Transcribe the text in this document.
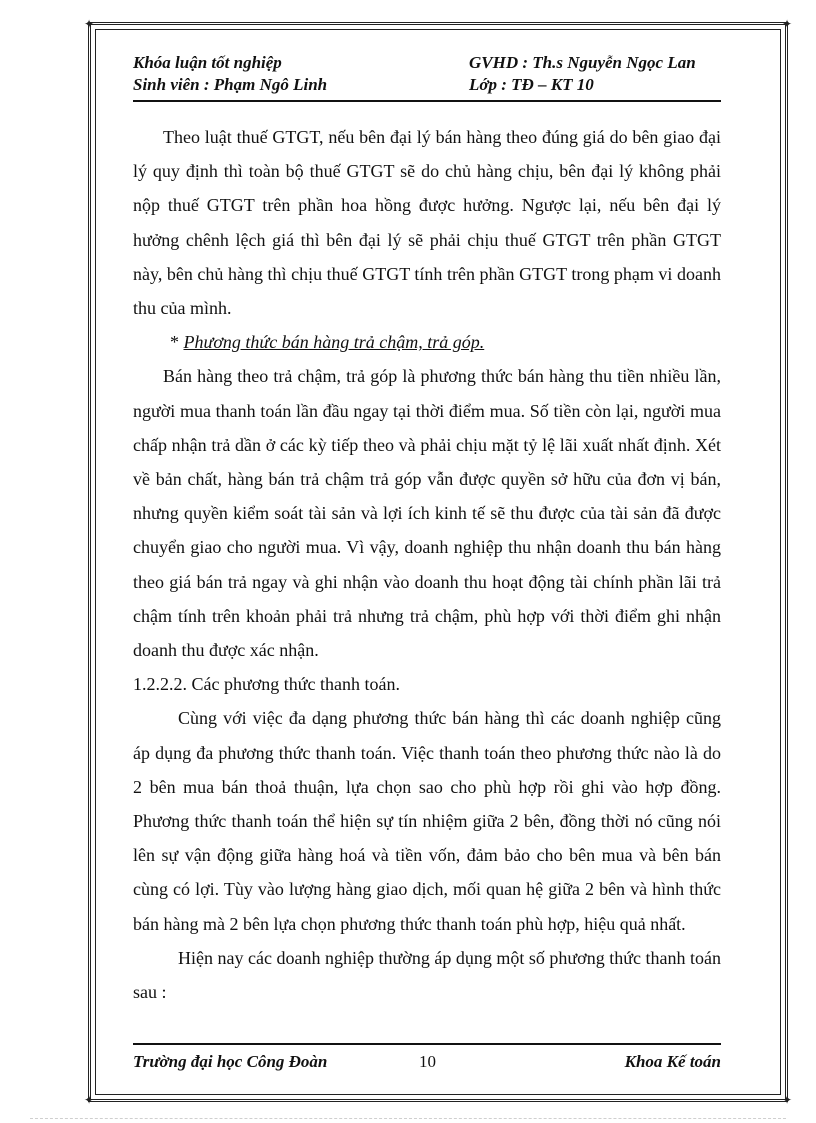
✦	✦
✦	✦
Khóa luận tốt nghiệp	GVHD : Th.s Nguyễn Ngọc Lan
Sinh viên : Phạm Ngô Linh	Lớp : TĐ – KT 10

Theo luật thuế GTGT, nếu bên đại lý bán hàng theo đúng giá do bên giao đại lý quy định thì toàn bộ thuế GTGT sẽ do chủ hàng chịu, bên đại lý không phải nộp thuế GTGT trên phần hoa hồng được hưởng. Ngược lại, nếu bên đại lý hưởng chênh lệch giá thì bên đại lý sẽ phải chịu thuế GTGT trên phần GTGT này, bên chủ hàng thì chịu thuế GTGT tính trên phần GTGT trong phạm vi doanh thu của mình.

* Phương thức bán hàng trả chậm, trả góp.

Bán hàng theo trả chậm, trả góp là phương thức bán hàng thu tiền nhiều lần, người mua thanh toán lần đầu ngay tại thời điểm mua. Số tiền còn lại, người mua chấp nhận trả dần ở các kỳ tiếp theo và phải chịu mặt tỷ lệ lãi xuất nhất định. Xét về bản chất, hàng bán trả chậm trả góp vẫn được quyền sở hữu của đơn vị bán, nhưng quyền kiểm soát tài sản và lợi ích kinh tế sẽ thu được của tài sản đã được chuyển giao cho người mua. Vì vậy, doanh nghiệp thu nhận doanh thu bán hàng theo giá bán trả ngay và ghi nhận vào doanh thu hoạt động tài chính phần lãi trả chậm tính trên khoản phải trả nhưng trả chậm, phù hợp với thời điểm ghi nhận doanh thu được xác nhận.

1.2.2.2. Các phương thức thanh toán.

Cùng với việc đa dạng phương thức bán hàng thì các doanh nghiệp cũng áp dụng đa phương thức thanh toán. Việc thanh toán theo phương thức nào là do 2 bên mua bán thoả thuận, lựa chọn sao cho phù hợp rồi ghi vào hợp đồng. Phương thức thanh toán thể hiện sự tín nhiệm giữa 2 bên, đồng thời nó cũng nói lên sự vận động giữa hàng hoá và tiền vốn, đảm bảo cho bên mua và bên bán cùng có lợi. Tùy vào lượng hàng giao dịch, mối quan hệ giữa 2 bên và hình thức bán hàng mà 2 bên lựa chọn phương thức thanh toán phù hợp, hiệu quả nhất.

Hiện nay các doanh nghiệp thường áp dụng một số phương thức thanh toán sau :

Trường đại học Công Đoàn	10	Khoa Kế toán
